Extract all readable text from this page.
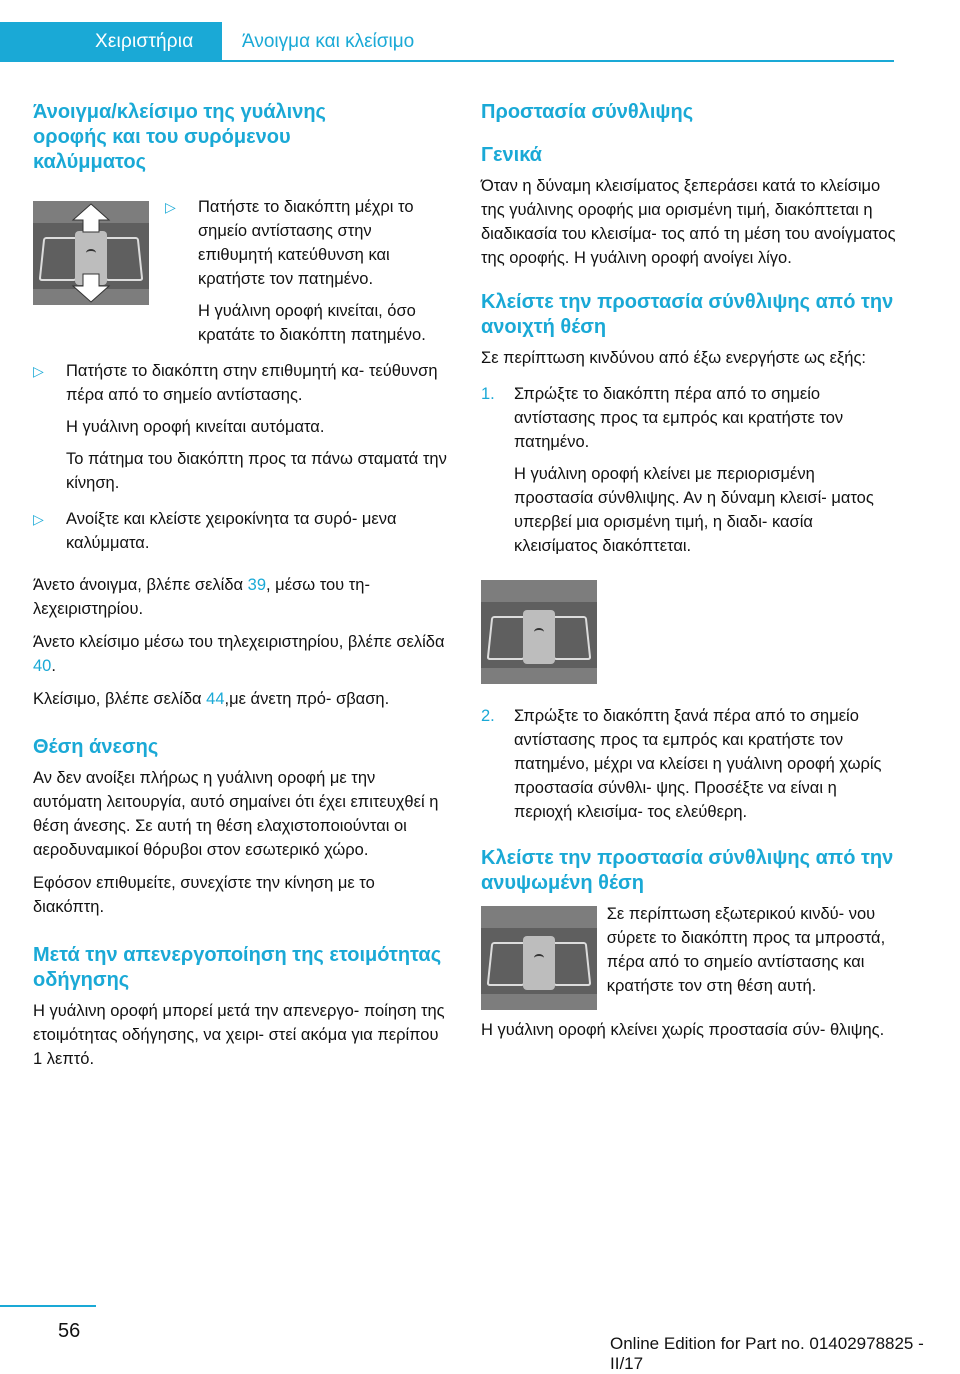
Χειριστήρια	Άνοιγμα και κλείσιμο
Άνοιγμα/κλείσιμο της γυάλινης οροφής και του συρόμενου καλύμματος
▷ Πατήστε το διακόπτη μέχρι το σημείο αντίστασης στην επιθυμητή κατεύθυνση και κρατήστε τον πατημένο.

Η γυάλινη οροφή κινείται, όσο κρατάτε το διακόπτη πατημένο.

▷ Πατήστε το διακόπτη στην επιθυμητή κα- τεύθυνση πέρα από το σημείο αντίστασης.

Η γυάλινη οροφή κινείται αυτόματα.

Το πάτημα του διακόπτη προς τα πάνω σταματά την κίνηση.

▷ Ανοίξτε και κλείστε χειροκίνητα τα συρό- μενα καλύμματα.

Άνετο άνοιγμα, βλέπε σελίδα 39, μέσω του τη- λεχειριστηρίου.

Άνετο κλείσιμο μέσω του τηλεχειριστηρίου, βλέπε σελίδα 40.

Κλείσιμο, βλέπε σελίδα 44,με άνετη πρό- σβαση.

Θέση άνεσης

Αν δεν ανοίξει πλήρως η γυάλινη οροφή με την αυτόματη λειτουργία, αυτό σημαίνει ότι έχει επιτευχθεί η θέση άνεσης. Σε αυτή τη θέση ελαχιστοποιούνται οι αεροδυναμικοί θόρυβοι στον εσωτερικό χώρο.

Εφόσον επιθυμείτε, συνεχίστε την κίνηση με το διακόπτη.

Μετά την απενεργοποίηση της ετοιμότητας οδήγησης

Η γυάλινη οροφή μπορεί μετά την απενεργο- ποίηση της ετοιμότητας οδήγησης, να χειρι- στεί ακόμα για περίπου 1 λεπτό.

Προστασία σύνθλιψης
Γενικά

Όταν η δύναμη κλεισίματος ξεπεράσει κατά το κλείσιμο της γυάλινης οροφής μια ορισμένη τιμή, διακόπτεται η διαδικασία του κλεισίμα- τος από τη μέση του ανοίγματος της οροφής. Η γυάλινη οροφή ανοίγει λίγο.

Κλείστε την προστασία σύνθλιψης από την ανοιχτή θέση

Σε περίπτωση κινδύνου από έξω ενεργήστε ως εξής:

1. Σπρώξτε το διακόπτη πέρα από το σημείο αντίστασης προς τα εμπρός και κρατήστε τον πατημένο.

Η γυάλινη οροφή κλείνει με περιορισμένη προστασία σύνθλιψης. Αν η δύναμη κλεισί- ματος υπερβεί μια ορισμένη τιμή, η διαδι- κασία κλεισίματος διακόπτεται.

2. Σπρώξτε το διακόπτη ξανά πέρα από το σημείο αντίστασης προς τα εμπρός και κρατήστε τον πατημένο, μέχρι να κλείσει η γυάλινη οροφή χωρίς προστασία σύνθλι- ψης. Προσέξτε να είναι η περιοχή κλεισίμα- τος ελεύθερη.

Κλείστε την προστασία σύνθλιψης από την ανυψωμένη θέση

Σε περίπτωση εξωτερικού κινδύ- νου σύρετε το διακόπτη προς τα μπροστά, πέρα από το σημείο αντίστασης και κρατήστε τον στη θέση αυτή.

Η γυάλινη οροφή κλείνει χωρίς προστασία σύν- θλιψης.

56
Online Edition for Part no. 01402978825 - II/17
